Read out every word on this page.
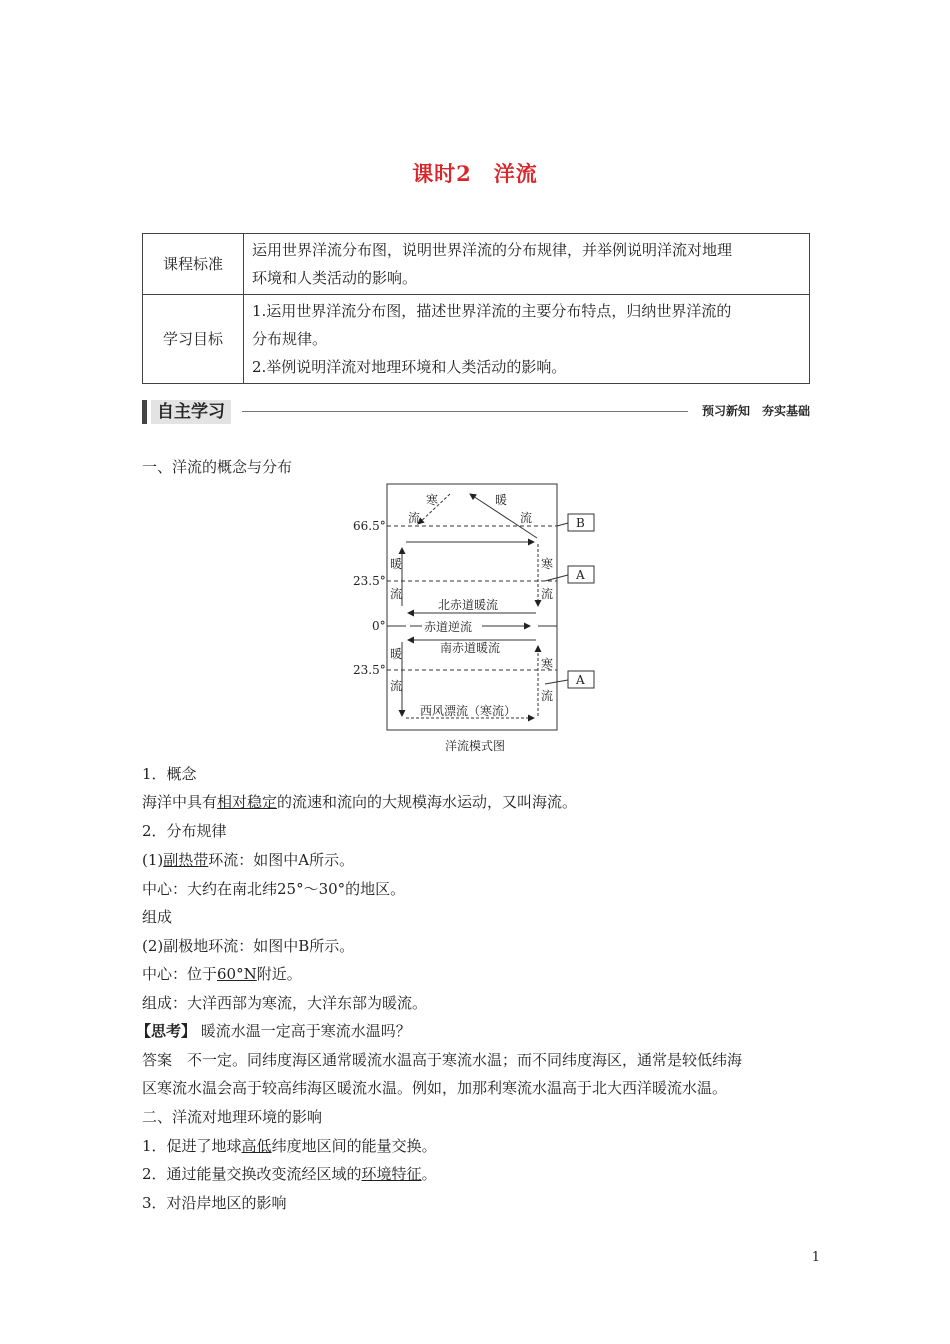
课时2　洋流
课程标准	运用世界洋流分布图，说明世界洋流的分布规律，并举例说明洋流对地理
环境和人类活动的影响。

学习目标	1.运用世界洋流分布图，描述世界洋流的主要分布特点，归纳世界洋流的
分布规律。
2.举例说明洋流对地理环境和人类活动的影响。
自主学习	预习新知　夯实基础
一、洋流的概念与分布
66.5°
23.5°
0°
23.5°
寒
流
暖
流
暖
流
寒
流
北赤道暖流
赤道逆流
南赤道暖流
暖
流
寒
流
西风漂流（寒流）
B
A
A
洋流模式图
1．概念
海洋中具有相对稳定的流速和流向的大规模海水运动，又叫海流。
2．分布规律
(1)副热带环流：如图中A所示。
中心：大约在南北纬25°～30°的地区。
组成
(2)副极地环流：如图中B所示。
中心：位于60°N附近。
组成：大洋西部为寒流，大洋东部为暖流。
【思考】 暖流水温一定高于寒流水温吗？
答案　不一定。同纬度海区通常暖流水温高于寒流水温；而不同纬度海区，通常是较低纬海
区寒流水温会高于较高纬海区暖流水温。例如，加那利寒流水温高于北大西洋暖流水温。
二、洋流对地理环境的影响
1．促进了地球高低纬度地区间的能量交换。
2．通过能量交换改变流经区域的环境特征。
3．对沿岸地区的影响
1
